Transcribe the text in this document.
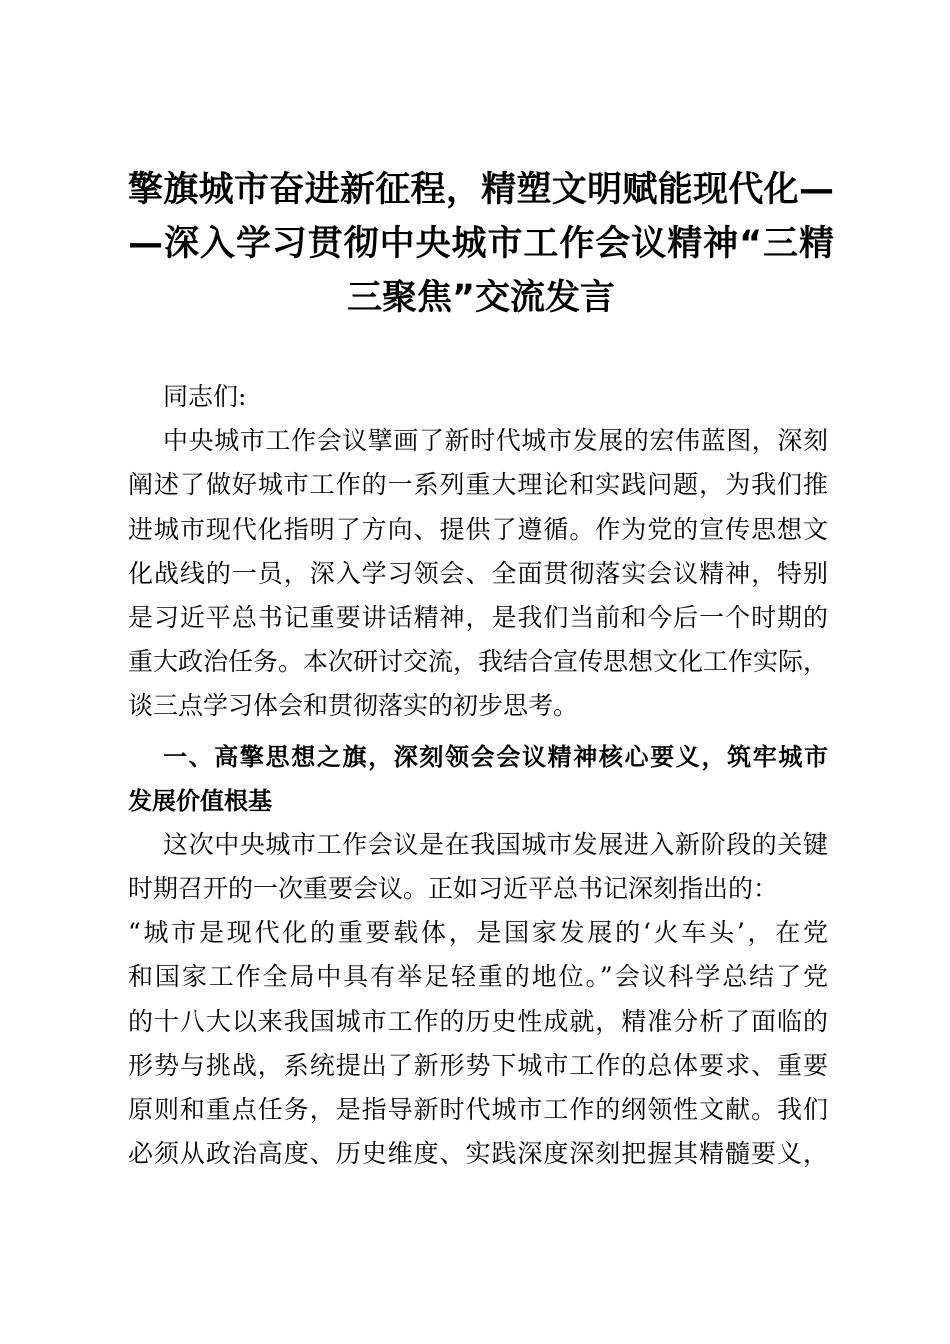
擎旗城市奋进新征程，精塑文明赋能现代化—
—深入学习贯彻中央城市工作会议精神“三精
三聚焦”交流发言
同志们:
中央城市工作会议擘画了新时代城市发展的宏伟蓝图，深刻
阐述了做好城市工作的一系列重大理论和实践问题，为我们推
进城市现代化指明了方向、提供了遵循。作为党的宣传思想文
化战线的一员，深入学习领会、全面贯彻落实会议精神，特别
是习近平总书记重要讲话精神，是我们当前和今后一个时期的
重大政治任务。本次研讨交流，我结合宣传思想文化工作实际，
谈三点学习体会和贯彻落实的初步思考。
一、高擎思想之旗，深刻领会会议精神核心要义，筑牢城市
发展价值根基
这次中央城市工作会议是在我国城市发展进入新阶段的关键
时期召开的一次重要会议。正如习近平总书记深刻指出的：
“城市是现代化的重要载体，是国家发展的‘火车头’，在党
和国家工作全局中具有举足轻重的地位。”会议科学总结了党
的十八大以来我国城市工作的历史性成就，精准分析了面临的
形势与挑战，系统提出了新形势下城市工作的总体要求、重要
原则和重点任务，是指导新时代城市工作的纲领性文献。我们
必须从政治高度、历史维度、实践深度深刻把握其精髓要义，
